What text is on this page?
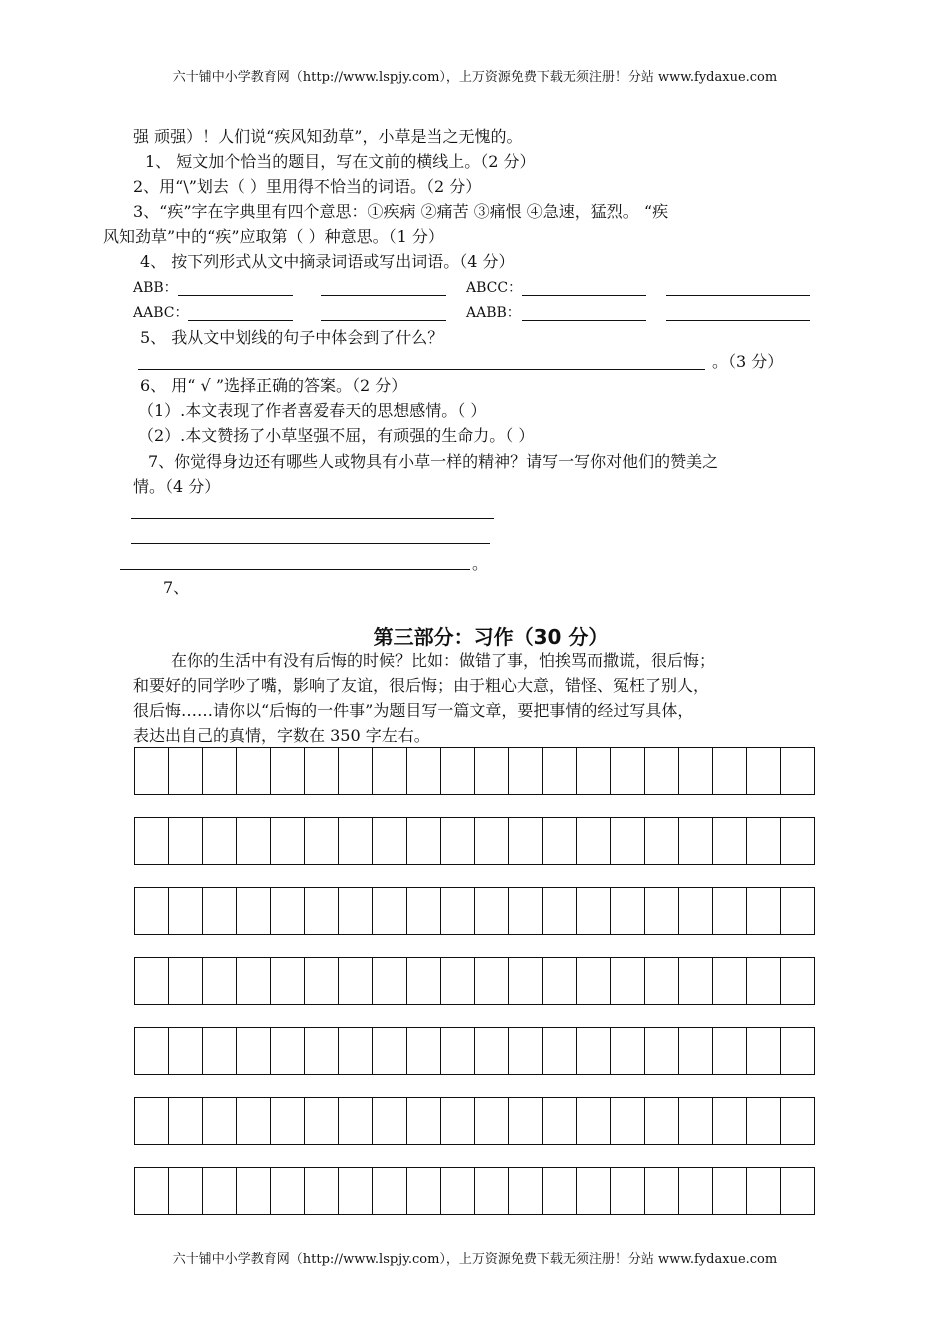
六十铺中小学教育网（http://www.lspjy.com），上万资源免费下载无须注册！分站 www.fydaxue.com
强 顽强）！人们说“疾风知劲草”，小草是当之无愧的。
1、 短文加个恰当的题目，写在文前的横线上。（2 分）
2、用“\”划去（ ）里用得不恰当的词语。（2 分）
3、“疾”字在字典里有四个意思：①疾病 ②痛苦 ③痛恨 ④急速，猛烈。 “疾
风知劲草”中的“疾”应取第（ ）种意思。（1 分）
4、 按下列形式从文中摘录词语或写出词语。（4 分）
ABB：	ABCC：
AABC：	AABB：
5、 我从文中划线的句子中体会到了什么？
。（3 分）
6、 用“ √ ”选择正确的答案。（2 分）
（1）.本文表现了作者喜爱春天的思想感情。（ ）
（2）.本文赞扬了小草坚强不屈，有顽强的生命力。（ ）
7、你觉得身边还有哪些人或物具有小草一样的精神？请写一写你对他们的赞美之
情。（4 分）
。
7、
第三部分：习作（30 分）
在你的生活中有没有后悔的时候？比如：做错了事，怕挨骂而撒谎，很后悔；
和要好的同学吵了嘴，影响了友谊，很后悔；由于粗心大意，错怪、冤枉了别人，
很后悔……请你以“后悔的一件事”为题目写一篇文章，要把事情的经过写具体，
表达出自己的真情，字数在 350 字左右。
六十铺中小学教育网（http://www.lspjy.com），上万资源免费下载无须注册！分站 www.fydaxue.com
